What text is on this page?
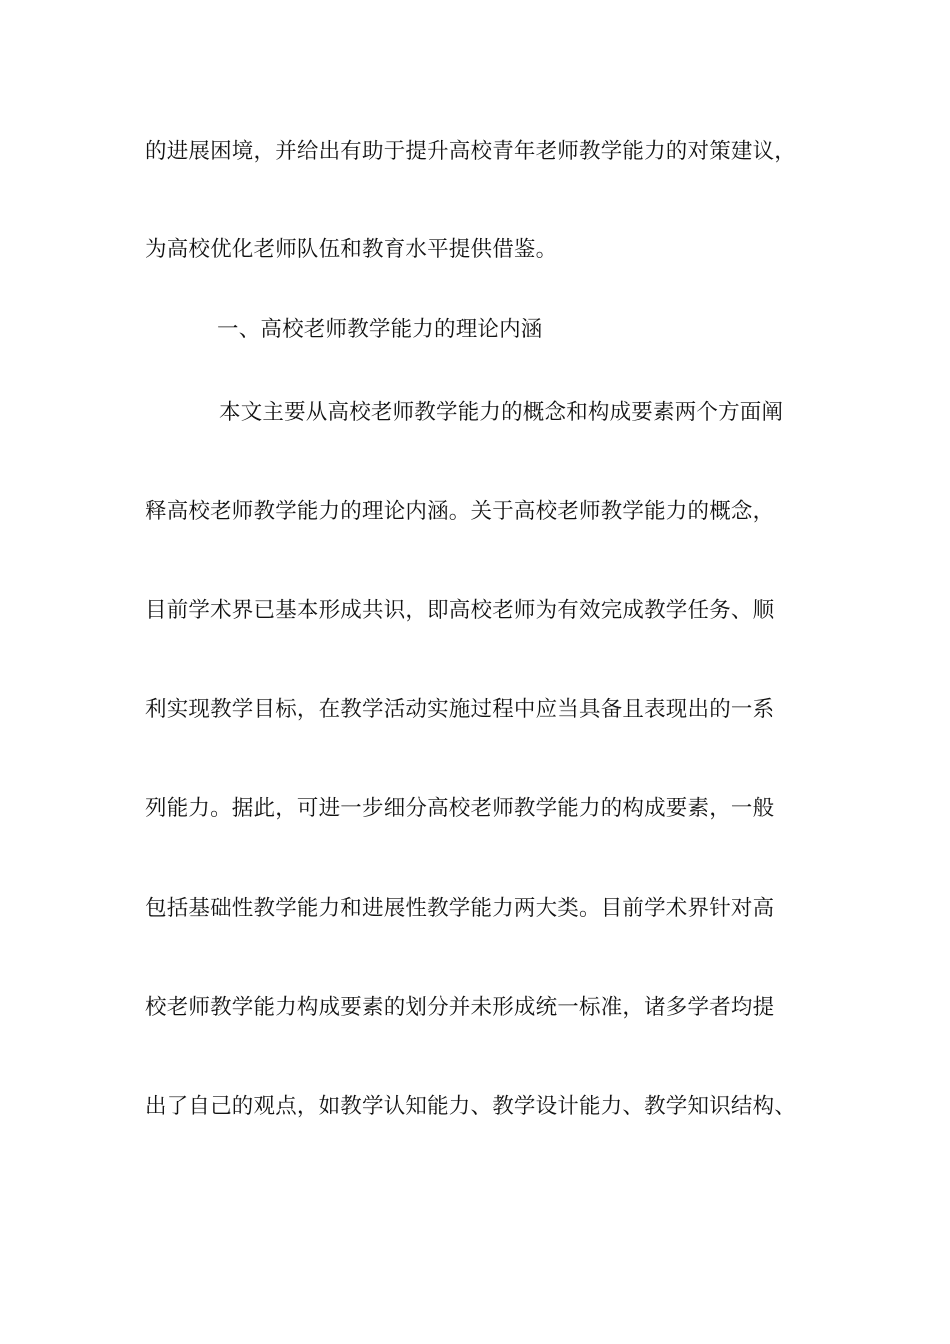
的进展困境，并给出有助于提升高校青年老师教学能力的对策建议，
为高校优化老师队伍和教育水平提供借鉴。
一、高校老师教学能力的理论内涵
本文主要从高校老师教学能力的概念和构成要素两个方面阐
释高校老师教学能力的理论内涵。关于高校老师教学能力的概念，
目前学术界已基本形成共识，即高校老师为有效完成教学任务、顺
利实现教学目标，在教学活动实施过程中应当具备且表现出的一系
列能力。据此，可进一步细分高校老师教学能力的构成要素，一般
包括基础性教学能力和进展性教学能力两大类。目前学术界针对高
校老师教学能力构成要素的划分并未形成统一标准，诸多学者均提
出了自己的观点，如教学认知能力、教学设计能力、教学知识结构、
